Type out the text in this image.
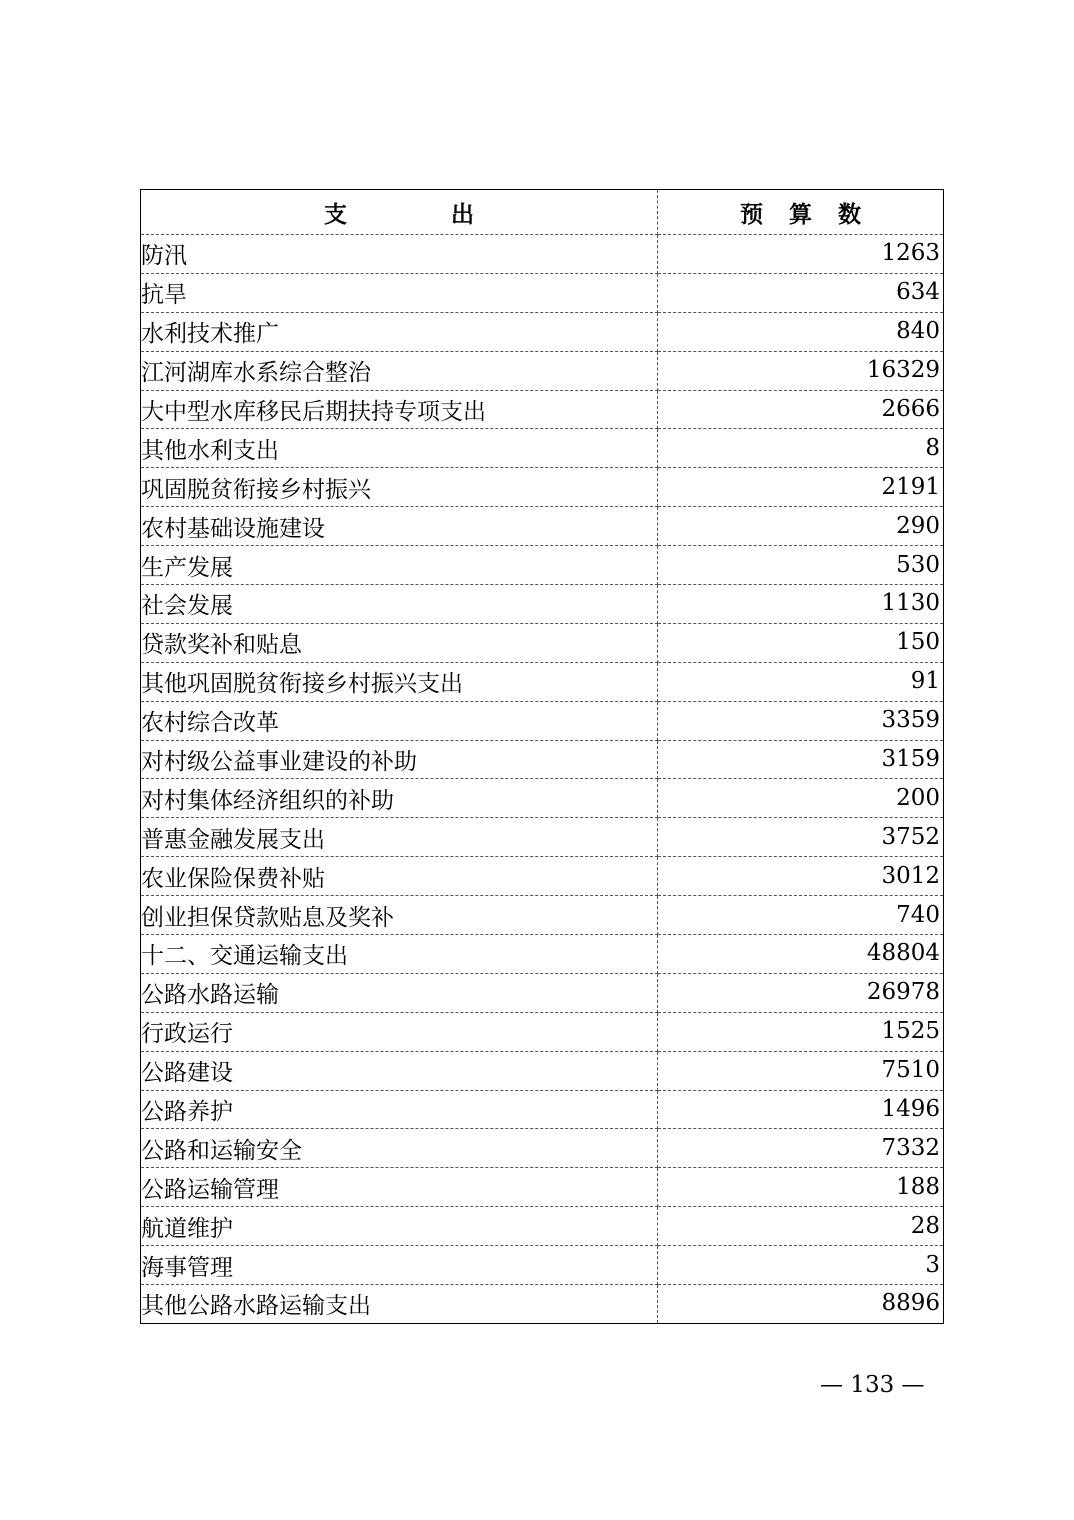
支 出	预 算 数
防汛	1263
抗旱	634
水利技术推广	840
江河湖库水系综合整治	16329
大中型水库移民后期扶持专项支出	2666
其他水利支出	8
巩固脱贫衔接乡村振兴	2191
农村基础设施建设	290
生产发展	530
社会发展	1130
贷款奖补和贴息	150
其他巩固脱贫衔接乡村振兴支出	91
农村综合改革	3359
对村级公益事业建设的补助	3159
对村集体经济组织的补助	200
普惠金融发展支出	3752
农业保险保费补贴	3012
创业担保贷款贴息及奖补	740
十二、交通运输支出	48804
公路水路运输	26978
行政运行	1525
公路建设	7510
公路养护	1496
公路和运输安全	7332
公路运输管理	188
航道维护	28
海事管理	3
其他公路水路运输支出	8896
— 133 —
